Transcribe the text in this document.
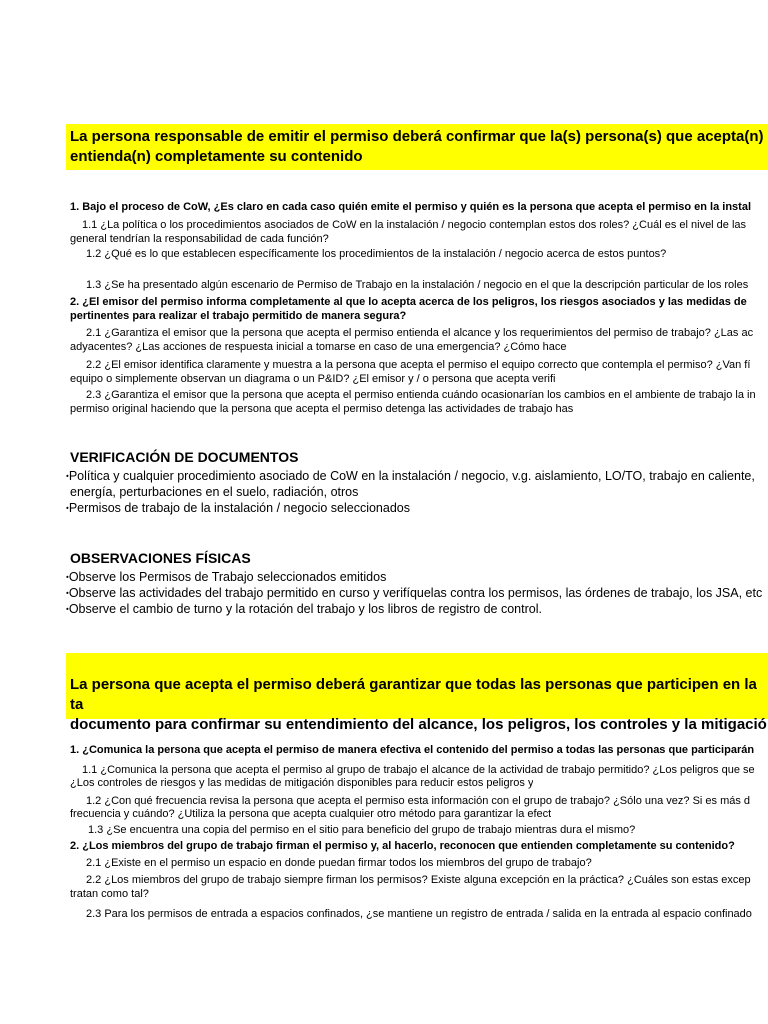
La persona responsable de emitir el permiso deberá confirmar que la(s) persona(s) que acepta(n)
entienda(n) completamente su contenido
1. Bajo el proceso de CoW, ¿Es claro en cada caso quién emite el permiso y quién es la persona que acepta el permiso en la instal
1.1 ¿La política o los procedimientos asociados de CoW en la instalación / negocio contemplan estos dos roles? ¿Cuál es el nivel de las
general tendrían la responsabilidad de cada función?
1.2 ¿Qué es lo que establecen específicamente los procedimientos de la instalación / negocio acerca de estos puntos?
1.3 ¿Se ha presentado algún escenario de Permiso de Trabajo en la instalación / negocio en el que la descripción particular de los roles
2. ¿El emisor del permiso informa completamente al que lo acepta acerca de los peligros, los riesgos asociados y las medidas de
pertinentes para realizar el trabajo permitido de manera segura?
2.1 ¿Garantiza el emisor que la persona que acepta el permiso entienda el alcance y los requerimientos del permiso de trabajo? ¿Las ac
adyacentes? ¿Las acciones de respuesta inicial a tomarse en caso de una emergencia? ¿Cómo hace
2.2 ¿El emisor identifica claramente y muestra a la persona que acepta el permiso el equipo correcto que contempla el permiso? ¿Van fí
equipo o simplemente observan un diagrama o un P&ID? ¿El emisor y / o persona que acepta verifi
2.3 ¿Garantiza el emisor que la persona que acepta el permiso entienda cuándo ocasionarían los cambios en el ambiente de trabajo la in
permiso original haciendo que la persona que acepta el permiso detenga las actividades de trabajo has
VERIFICACIÓN DE DOCUMENTOS
•Política y cualquier procedimiento asociado de CoW en la instalación / negocio, v.g. aislamiento, LO/TO, trabajo en caliente,
energía, perturbaciones en el suelo, radiación, otros
•Permisos de trabajo de la instalación / negocio seleccionados
OBSERVACIONES FÍSICAS
•Observe los Permisos de Trabajo seleccionados emitidos
•Observe las actividades del trabajo permitido en curso y verifíquelas contra los permisos, las órdenes de trabajo, los JSA, etc
•Observe el cambio de turno y la rotación del trabajo y los libros de registro de control.
La persona que acepta el permiso deberá garantizar que todas las personas que participen en la ta
documento para confirmar su entendimiento del alcance, los peligros, los controles y la mitigació
1. ¿Comunica la persona que acepta el permiso de manera efectiva el contenido del permiso a todas las personas que participarán
1.1 ¿Comunica la persona que acepta el permiso al grupo de trabajo el alcance de la actividad de trabajo permitido? ¿Los peligros que se
¿Los controles de riesgos y las medidas de mitigación disponibles para reducir estos peligros y
1.2 ¿Con qué frecuencia revisa la persona que acepta el permiso esta información con el grupo de trabajo? ¿Sólo una vez? Si es más d
frecuencia y cuándo? ¿Utiliza la persona que acepta cualquier otro método para garantizar la efect
1.3 ¿Se encuentra una copia del permiso en el sitio para beneficio del grupo de trabajo mientras dura el mismo?
2. ¿Los miembros del grupo de trabajo firman el permiso y, al hacerlo, reconocen que entienden completamente su contenido?
2.1 ¿Existe en el permiso un espacio en donde puedan firmar todos los miembros del grupo de trabajo?
2.2 ¿Los miembros del grupo de trabajo siempre firman los permisos? Existe alguna excepción en la práctica? ¿Cuáles son estas excep
tratan como tal?
2.3 Para los permisos de entrada a espacios confinados, ¿se mantiene un registro de entrada / salida en la entrada al espacio confinado
